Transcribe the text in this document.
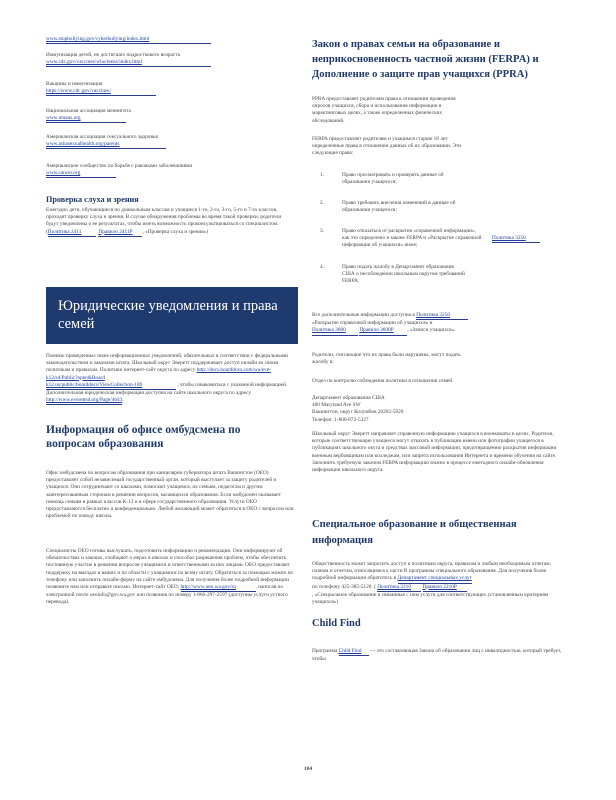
www.stopbullying.gov/cyberbullying/index.html
Иммунизация детей, не достигших подросткового возраста
www.cdc.gov/vaccines/who/teens/index.html
Вакцины и иммунизация
https://www.cdc.gov/vaccines/
Национальная ассоциация менингита
www.nmaus.org
Американская ассоциация сексуального здоровья
www.ashasexualhealth.org/parents
Американское сообщество по борьбе с раковыми заболеваниями
www.cancer.org
Проверка слуха и зрения
Ежегодно дети, обучающиеся по дошкольным классам и учащиеся 1-го, 2-го, 3-го, 5-го и 7-го классов, проходят проверку слуха и зрения. В случае обнаружения проблемы во время такой проверки, родители будут уведомлены о ее результатах, чтобы иметь возможность проконсультироваться со специалистом.
(Политика 2411	Правило 2411P , «Проверка слуха и зрения»)
Юридические уведомления и права семей
Помимо приведенных ниже информационных уведомлений, обязательных в соответствии с федеральными законодательством и законами штата, Школьный округ Эверетт поддерживает доступ онлайн ко своим политикам и правилам. Политики интернет-сайт округа по адресу http://docs.boarddocs.com/wa/eve-k12/sd/Public?open&Board
k12.us/public/boarddocs/ViewCollection-189	, чтобы ознакомиться с указанной информацией. Дополнительная юридическая информация доступна на сайте школьного округа по адресу http://www.everettsd.org/Page/4643.
Информация об офисе омбудсмена по вопросам образования
Офис омбудсмена по вопросам образования при канцелярии губернатора штата Вашингтон (OEO) предоставляет собой независимый государственный орган, который выступает за защиту родителей и учащихся. Они сотрудничают со школами, помогают учащимся, их семьям, педагогам и другим заинтересованным сторонам в решении вопросов, касающихся образования. Если омбудсмен оказывает помощь семьям в рамках классов K-12 и в сфере государственного образования. Услуги OEO предоставляются бесплатно и конфиденциально. Любой желающий может обратиться в OEO с вопросом или проблемой по поводу школы.
Специалисты OEO готовы выслушать, подготовить информацию и рекомендации. Они информируют об обязательствах и законах, сообщают о мерах в школах и способах разрешения проблем, чтобы обеспечить постоянную участие в решении вопросов учащимися и ответственными за них лицами. OEO предоставляет поддержку на выездах в ваших и по области с учащимися по всему штату. Обратиться за помощью можно по телефону или заполнить онлайн-форму на сайте омбудсмена. Для получения более подробной информации позвоните нам или отправьте письмо. Интернет-сайт OEO: http://www.oeo.wa.gov/ru	, написав по электронной почте oeoinfo@gov.wa.gov или позвонив по номеру 1-866-297-2597 (доступны услуги устного перевода).
Закон о правах семьи на образование и неприкосновенность частной жизни (FERPA) и Дополнение о защите прав учащихся (PPRA)
PPRA предоставляет родителям права в отношении проведения опросов учащихся, сбора и использования информации в маркетинговых целях, а также определенных физических обследований.
FERPA предоставляет родителям и учащимся старше 18 лет определенные права в отношении данных об их образовании. Эти следующие права:
1.	Право просматривать и проверять данные об образовании учащегося;
2.	Право требовать внесения изменений в данные об образовании учащегося;
3.	Право отказаться от раскрытия «справочной информации», как это определено в законе FERPA и «Раскрытие справочной информации об учащихся» ниже;
Политика 3250
4.	Право подать жалобу в Департамент образования США о несоблюдении школьным округом требований FERPA.
Все дополнительные информации доступна в Политика 3250
«Раскрытие справочной информации об учащихся» и
Политика 3600	Правило 3600P	, «Записи учащихся».
Родители, считающие что их права были нарушены, могут подать жалобу в:
Отдел по контролю соблюдения политики в отношении семей
Департамент образования США
400 Maryland Ave SW
Вашингтон, округ Колумбия 20202-5920
Телефон: 1-800-872-5327
Школьный округ Эверетт направляет справочную информацию учащихся в военкоматы в целях. Родители, которые соответствующие учащиеся могут отказать в публикации имени или фотографии учащегося в публикациях школьного окуга и средствах массовой информации, предотвращению раскрытия информации военным вербовщикам или колледжам, или запрета использования Интернета и времени обучения на сайте. Заполнить требуемую законом FERPA информацию можно в процессе ежегодного онлайн-обновления информации школьного округа.
Специальное образование и общественная информация
Общественность может запросить доступ к политикам округа, правилам и любым необходимым отчетам, планам и отчетам, относящимся к части В программы специального образования. Для получения более подробной информации обратитесь в Департамент специальных услуг
по телефону 425-385-5120. ( Политика 2210 Правило 2210P
, «Специальное образование и связанные с ним услуги для соответствующих установленным критериям учащихся»)
Child Find
Программа Child Find — это составляющая Закона об образовании лиц с инвалидностью, который требует, чтобы
104
